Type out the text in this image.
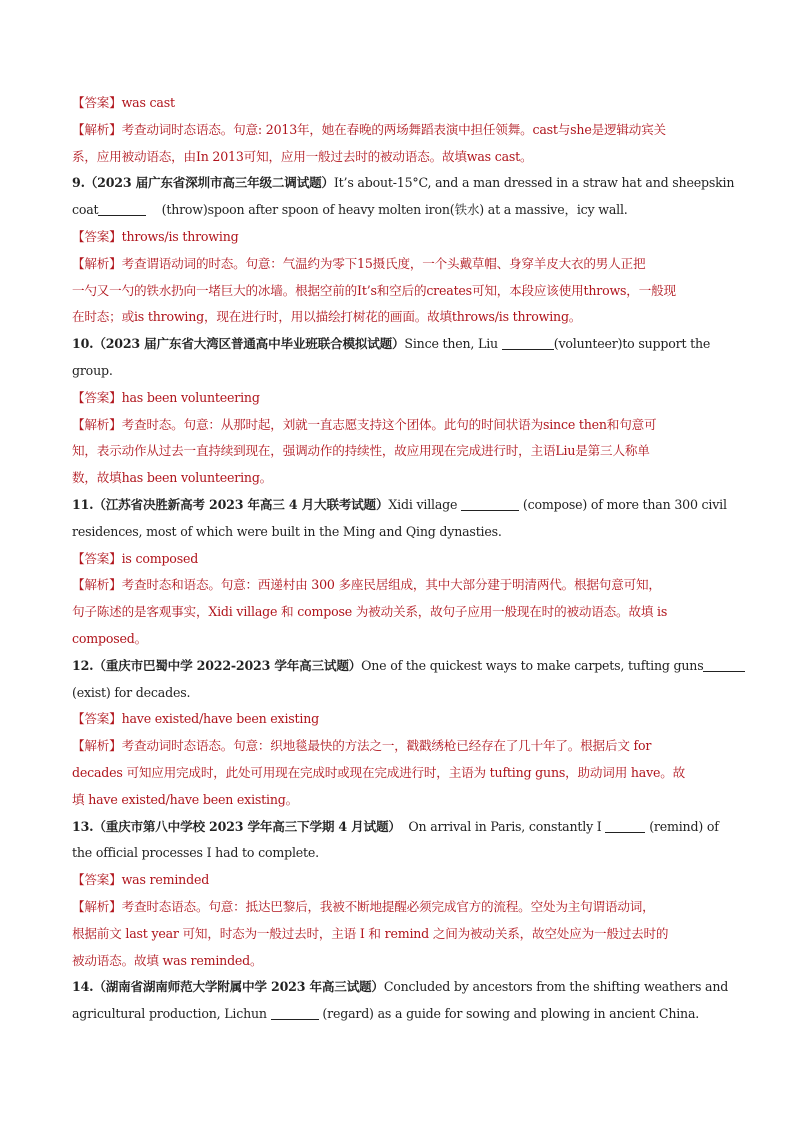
【答案】was cast
【解析】考查动词时态语态。句意: 2013年，她在春晚的两场舞蹈表演中担任领舞。cast与she是逻辑动宾关
系，应用被动语态，由In 2013可知，应用一般过去时的被动语态。故填was cast。
9.（2023 届广东省深圳市高三年级二调试题）It’s about-15°C, and a man dressed in a straw hat and sheepskin
coat	(throw)spoon after spoon of heavy molten iron(铁水) at a massive，icy wall.
【答案】throws/is throwing
【解析】考查谓语动词的时态。句意：气温约为零下15摄氏度，一个头戴草帽、身穿羊皮大衣的男人正把
一勺又一勺的铁水扔向一堵巨大的冰墙。根据空前的It’s和空后的creates可知，本段应该使用throws，一般现
在时态；或is throwing，现在进行时，用以描绘打树花的画面。故填throws/is throwing。
10.（2023 届广东省大湾区普通高中毕业班联合模拟试题）Since then, Liu	(volunteer)to support the
group.
【答案】has been volunteering
【解析】考查时态。句意：从那时起，刘就一直志愿支持这个团体。此句的时间状语为since then和句意可
知，表示动作从过去一直持续到现在，强调动作的持续性，故应用现在完成进行时，主语Liu是第三人称单
数，故填has been volunteering。
11.（江苏省决胜新高考 2023 年高三 4 月大联考试题）Xidi village	(compose) of more than 300 civil
residences, most of which were built in the Ming and Qing dynasties.
【答案】is composed
【解析】考查时态和语态。句意：西递村由 300 多座民居组成，其中大部分建于明清两代。根据句意可知，
句子陈述的是客观事实，Xidi village 和 compose 为被动关系，故句子应用一般现在时的被动语态。故填 is
composed。
12.（重庆市巴蜀中学 2022-2023 学年高三试题）One of the quickest ways to make carpets, tufting guns
(exist) for decades.
【答案】have existed/have been existing
【解析】考查动词时态语态。句意：织地毯最快的方法之一，戳戳绣枪已经存在了几十年了。根据后文 for
decades 可知应用完成时，此处可用现在完成时或现在完成进行时，主语为 tufting guns，助动词用 have。故
填 have existed/have been existing。
13.（重庆市第八中学校 2023 学年高三下学期 4 月试题） On arrival in Paris, constantly I	(remind) of
the official processes I had to complete.
【答案】was reminded
【解析】考查时态语态。句意：抵达巴黎后，我被不断地提醒必须完成官方的流程。空处为主句谓语动词，
根据前文 last year 可知，时态为一般过去时，主语 I 和 remind 之间为被动关系，故空处应为一般过去时的
被动语态。故填 was reminded。
14.（湖南省湖南师范大学附属中学 2023 年高三试题）Concluded by ancestors from the shifting weathers and
agricultural production, Lichun	(regard) as a guide for sowing and plowing in ancient China.
